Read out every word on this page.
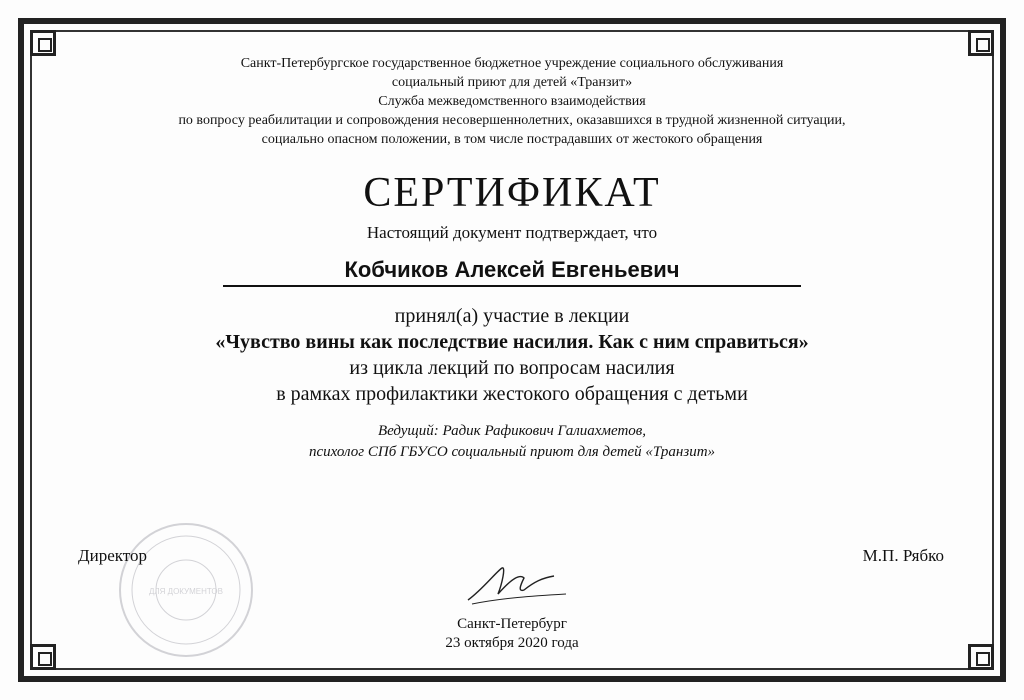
Санкт-Петербургское государственное бюджетное учреждение социального обслуживания

социальный приют для детей «Транзит»

Служба межведомственного взаимодействия

по вопросу реабилитации и сопровождения несовершеннолетних, оказавшихся в трудной жизненной ситуации,

социально опасном положении, в том числе пострадавших от жестокого обращения

СЕРТИФИКАТ

Настоящий документ подтверждает, что

Кобчиков Алексей Евгеньевич

принял(а) участие в лекции

«Чувство вины как последствие насилия. Как с ним справиться»

из цикла лекций по вопросам насилия

в рамках профилактики жестокого обращения с детьми

Ведущий: Радик Рафикович Галиахметов,

психолог СПб ГБУСО социальный приют для детей «Транзит»

ДЛЯ ДОКУМЕНТОВ
Директор	М.П. Рябко
Санкт-Петербург
23 октября 2020 года
